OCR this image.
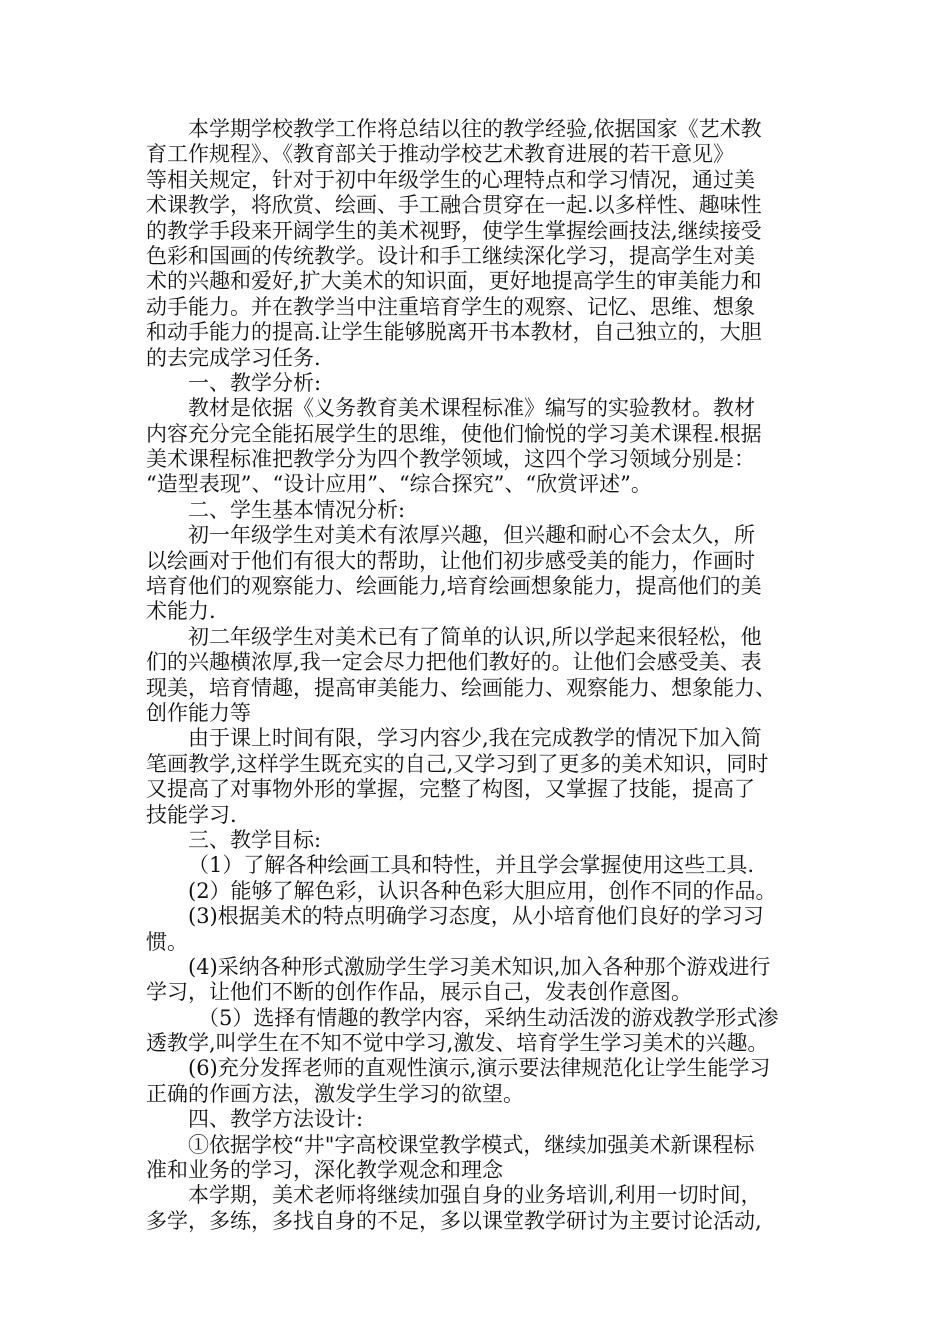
本学期学校教学工作将总结以往的教学经验,依据国家《艺术教
育工作规程》、《教育部关于推动学校艺术教育进展的若干意见》
等相关规定，针对于初中年级学生的心理特点和学习情况，通过美
术课教学，将欣赏、绘画、手工融合贯穿在一起.以多样性、趣味性
的教学手段来开阔学生的美术视野，使学生掌握绘画技法,继续接受
色彩和国画的传统教学。设计和手工继续深化学习，提高学生对美
术的兴趣和爱好,扩大美术的知识面，更好地提高学生的审美能力和
动手能力。并在教学当中注重培育学生的观察、记忆、思维、想象
和动手能力的提高.让学生能够脱离开书本教材，自己独立的，大胆
的去完成学习任务.
一、教学分析:
教材是依据《义务教育美术课程标准》编写的实验教材。教材
内容充分完全能拓展学生的思维，使他们愉悦的学习美术课程.根据
美术课程标准把教学分为四个教学领域，这四个学习领域分别是：
“造型表现”、“设计应用”、“综合探究”、“欣赏评述”。
二、学生基本情况分析:
初一年级学生对美术有浓厚兴趣，但兴趣和耐心不会太久，所
以绘画对于他们有很大的帮助，让他们初步感受美的能力，作画时
培育他们的观察能力、绘画能力,培育绘画想象能力，提高他们的美
术能力.
初二年级学生对美术已有了简单的认识,所以学起来很轻松，他
们的兴趣横浓厚,我一定会尽力把他们教好的。让他们会感受美、表
现美，培育情趣，提高审美能力、绘画能力、观察能力、想象能力、
创作能力等
由于课上时间有限，学习内容少,我在完成教学的情况下加入简
笔画教学,这样学生既充实的自己,又学习到了更多的美术知识，同时
又提高了对事物外形的掌握，完整了构图，又掌握了技能，提高了
技能学习.
三、教学目标:
（1）了解各种绘画工具和特性，并且学会掌握使用这些工具.
(2）能够了解色彩，认识各种色彩大胆应用，创作不同的作品。
(3)根据美术的特点明确学习态度，从小培育他们良好的学习习
惯。
(4)采纳各种形式激励学生学习美术知识,加入各种那个游戏进行
学习，让他们不断的创作作品，展示自己，发表创作意图。
（5）选择有情趣的教学内容，采纳生动活泼的游戏教学形式渗
透教学,叫学生在不知不觉中学习,激发、培育学生学习美术的兴趣。
(6)充分发挥老师的直观性演示,演示要法律规范化让学生能学习
正确的作画方法，激发学生学习的欲望。
四、教学方法设计:
①依据学校“井"字高校课堂教学模式，继续加强美术新课程标
准和业务的学习，深化教学观念和理念
本学期，美术老师将继续加强自身的业务培训,利用一切时间，
多学，多练，多找自身的不足，多以课堂教学研讨为主要讨论活动,
